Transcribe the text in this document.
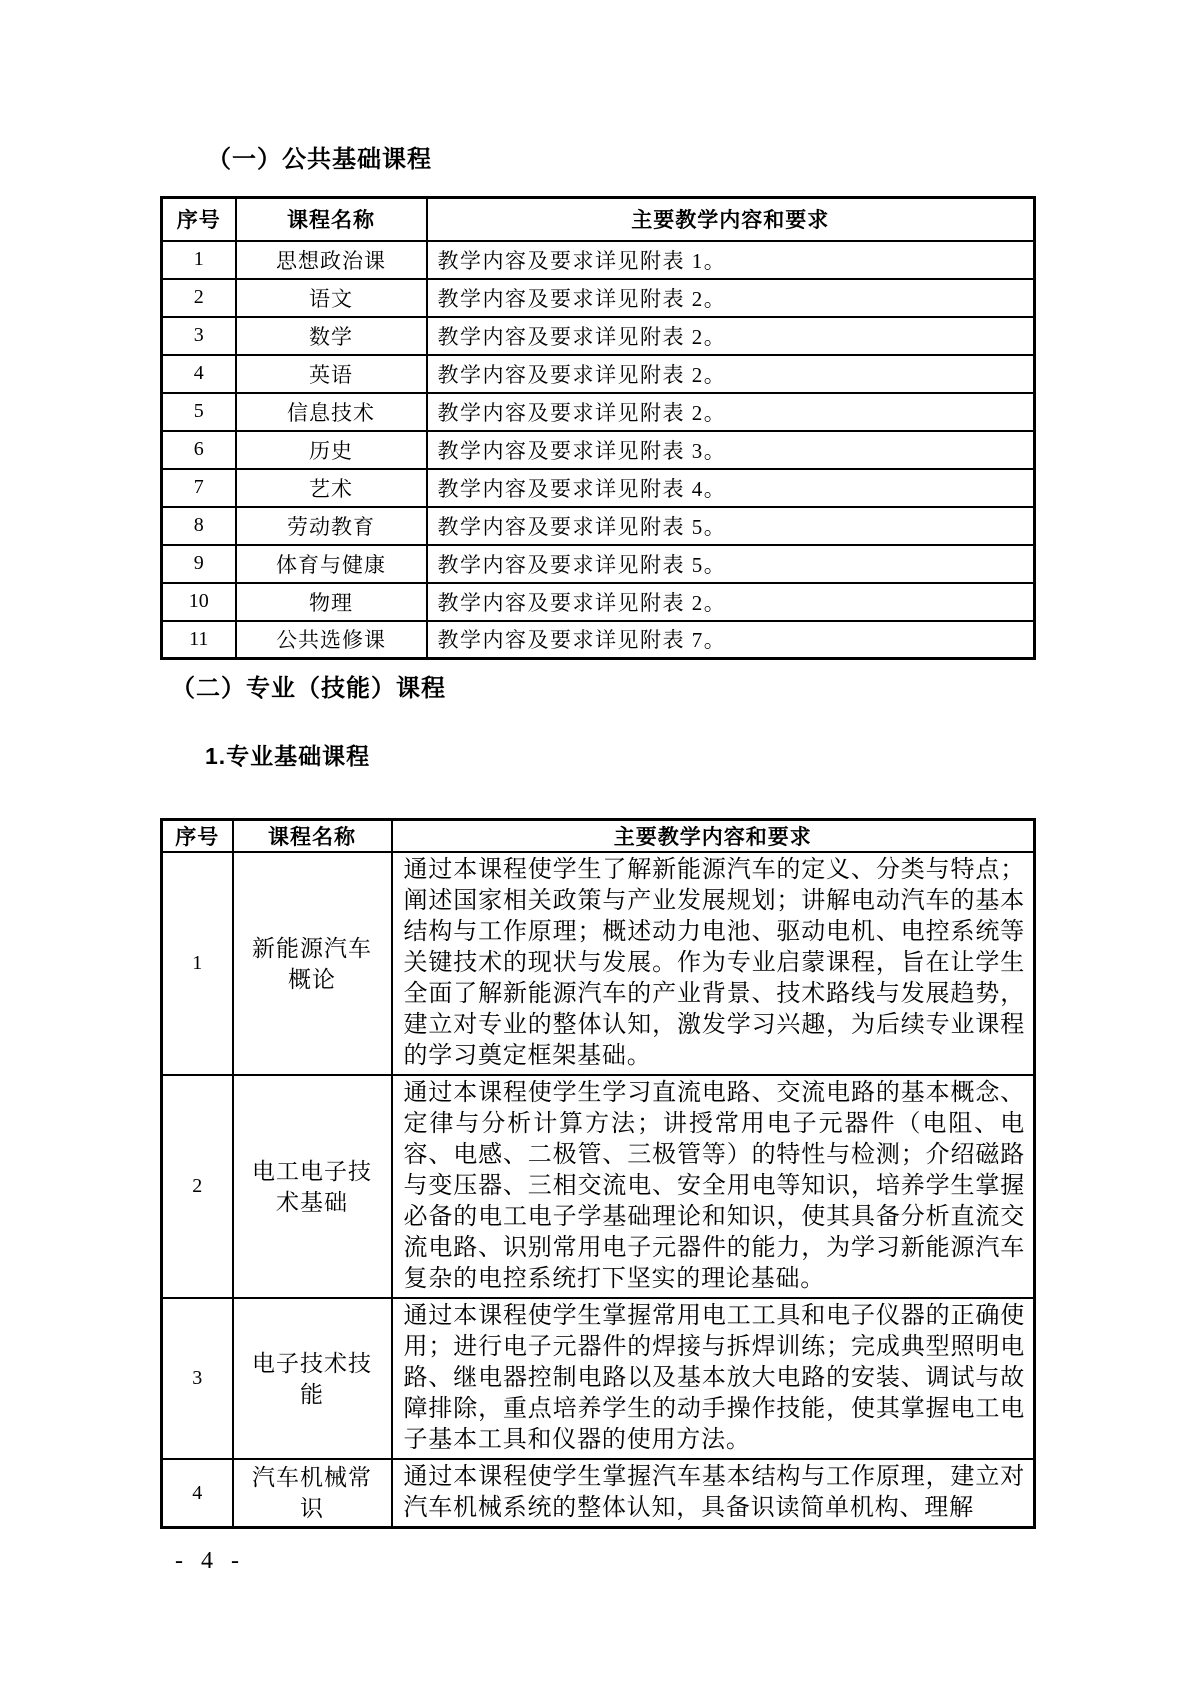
（一）公共基础课程
序号	课程名称	主要教学内容和要求
1	思想政治课	教学内容及要求详见附表 1。
2	语文	教学内容及要求详见附表 2。
3	数学	教学内容及要求详见附表 2。
4	英语	教学内容及要求详见附表 2。
5	信息技术	教学内容及要求详见附表 2。
6	历史	教学内容及要求详见附表 3。
7	艺术	教学内容及要求详见附表 4。
8	劳动教育	教学内容及要求详见附表 5。
9	体育与健康	教学内容及要求详见附表 5。
10	物理	教学内容及要求详见附表 2。
11	公共选修课	教学内容及要求详见附表 7。
（二）专业（技能）课程
1.专业基础课程
序号	课程名称	主要教学内容和要求
1	新能源汽车概论	通过本课程使学生了解新能源汽车的定义、分类与特点；阐述国家相关政策与产业发展规划；讲解电动汽车的基本结构与工作原理；概述动力电池、驱动电机、电控系统等关键技术的现状与发展。作为专业启蒙课程，旨在让学生全面了解新能源汽车的产业背景、技术路线与发展趋势，建立对专业的整体认知，激发学习兴趣，为后续专业课程的学习奠定框架基础。
2	电工电子技术基础	通过本课程使学生学习直流电路、交流电路的基本概念、定律与分析计算方法；讲授常用电子元器件（电阻、电容、电感、二极管、三极管等）的特性与检测；介绍磁路与变压器、三相交流电、安全用电等知识，培养学生掌握必备的电工电子学基础理论和知识，使其具备分析直流交流电路、识别常用电子元器件的能力，为学习新能源汽车复杂的电控系统打下坚实的理论基础。
3	电子技术技能	通过本课程使学生掌握常用电工工具和电子仪器的正确使用；进行电子元器件的焊接与拆焊训练；完成典型照明电路、继电器控制电路以及基本放大电路的安装、调试与故障排除，重点培养学生的动手操作技能，使其掌握电工电子基本工具和仪器的使用方法。
4	汽车机械常识	通过本课程使学生掌握汽车基本结构与工作原理，建立对汽车机械系统的整体认知，具备识读简单机构、理解
- 4 -
